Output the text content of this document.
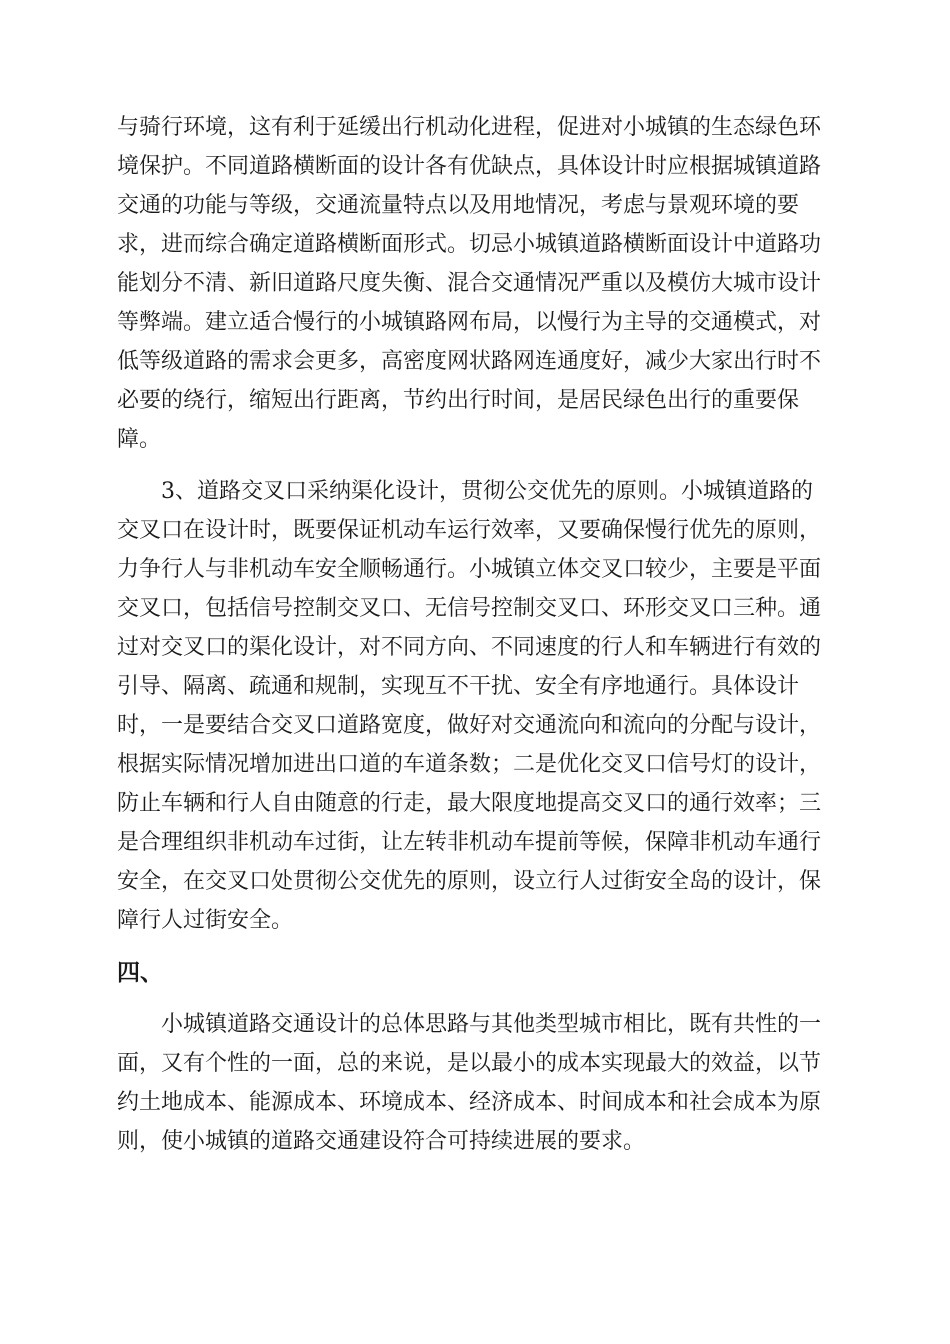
与骑行环境，这有利于延缓出行机动化进程，促进对小城镇的生态绿色环
境保护。不同道路横断面的设计各有优缺点，具体设计时应根据城镇道路
交通的功能与等级，交通流量特点以及用地情况，考虑与景观环境的要
求，进而综合确定道路横断面形式。切忌小城镇道路横断面设计中道路功
能划分不清、新旧道路尺度失衡、混合交通情况严重以及模仿大城市设计
等弊端。建立适合慢行的小城镇路网布局，以慢行为主导的交通模式，对
低等级道路的需求会更多，高密度网状路网连通度好，减少大家出行时不
必要的绕行，缩短出行距离，节约出行时间，是居民绿色出行的重要保
障。
3、道路交叉口采纳渠化设计，贯彻公交优先的原则。小城镇道路的
交叉口在设计时，既要保证机动车运行效率，又要确保慢行优先的原则，
力争行人与非机动车安全顺畅通行。小城镇立体交叉口较少，主要是平面
交叉口，包括信号控制交叉口、无信号控制交叉口、环形交叉口三种。通
过对交叉口的渠化设计，对不同方向、不同速度的行人和车辆进行有效的
引导、隔离、疏通和规制，实现互不干扰、安全有序地通行。具体设计
时，一是要结合交叉口道路宽度，做好对交通流向和流向的分配与设计，
根据实际情况增加进出口道的车道条数；二是优化交叉口信号灯的设计，
防止车辆和行人自由随意的行走，最大限度地提高交叉口的通行效率；三
是合理组织非机动车过街，让左转非机动车提前等候，保障非机动车通行
安全，在交叉口处贯彻公交优先的原则，设立行人过街安全岛的设计，保
障行人过街安全。
四、
小城镇道路交通设计的总体思路与其他类型城市相比，既有共性的一
面，又有个性的一面，总的来说，是以最小的成本实现最大的效益，以节
约土地成本、能源成本、环境成本、经济成本、时间成本和社会成本为原
则，使小城镇的道路交通建设符合可持续进展的要求。
